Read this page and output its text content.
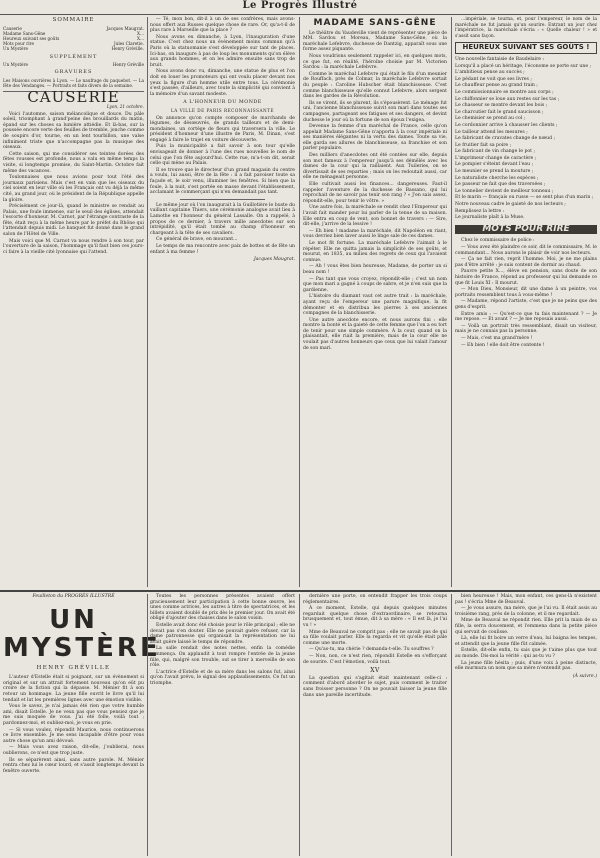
Le Progrès Illustré
SOMMAIRE
Causerie	Jacques Maugrat.
Madame Sans-Gêne	X...
Heureux suivant ses goûts	X...
Mots pour rire	Jules Claretie.
Un Mystère	Henry Gréville.
SUPPLÉMENT
Un Mystère	Henry Gréville
GRAVURES

Les Maisons ouvrières à Lyon. — Le naufrage du paquebot. — La fête des Vendanges. — Portraits et faits divers de la semaine.

CAUSERIE
Lyon, 21 octobre.

Voici l'automne, saison mélancolique et douce. Du pâle soleil, triomphant à grand'peine des brouillards du matin, épand sur les choses sa lumière attiédie. Et là-bas, sur la poussée encore verte des feuilles de tremble, jonche comme de soupirs d'or, tourne, en un lent tourbillon, une valse infiniment triste que n'accompagne pas la musique des oiseaux.

Cette saison, qui me considérer ses teintes dorées des fêtes rousses est profonde, nous a valu en même temps la visite, si longtemps promise, du Saint-Martin. Octobre fait même des vacances.

Toulonnaises que nous avions pour tout l'été des journaux parisiens. Mais c'est en vain que les oiseaux du ciel soient en leur ville où les Français ont vu déjà la même cité, au grand jour, où le président de la République appelle la gloire.

Précisément ce jour-là, quand le ministre se rendait au Palais, une foule immense, sur le seuil des églises, attendait l'escorte d'honneur. M. Carnot, par l'étrange contraste de la fête, était reçu à la même heure par le préfet du Rhône qui l'attendait depuis midi. Le banquet fut donné dans le grand salon de l'Hôtel de Ville.

Mais voici que M. Carnot va nous rendre à son tour, par l'ouverture de la saison, l'hommage qu'il faut bien ces jours-ci faire à la vieille cité lyonnaise qui l'attend.

— Té, mon bon, dit-il à un de ses confrères, mais avons-nous offert aux Russes quelque chose de rare. Or, qu'a-t-il de plus rare à Marseille que la place ?

Nous avons eu dimanche, à Lyon, l'inauguration d'une statue. C'est chez nous un événement moins commun qu'à Paris où la statuomanie s'est développée sur tant de places. Ici-bas, on inaugure à pas de loup les monuments qu'on élève aux grands hommes, et on les admire ensuite sans trop de bruit.

Nous avons donc vu, dimanche, une statue de plus et l'on doit en louer les promoteurs qui ont voulu placer devant nos yeux la figure d'un homme utile entre tous. La cérémonie s'est passée, d'ailleurs, avec toute la simplicité qui convient à la mémoire d'un savant modeste.

A L'HONNEUR DU MONDE
LA VILLE DE PARIS RECONNAISSANTE

On annonce qu'on compte composer de marchands de légumes, de désœuvrés, de grands tailleurs et de demi-mondaines, un cortège de fleurs qui traversera la ville. Le président d'honneur d'une illustre de Paris, M. Dinan, s'est engagé à faire le trajet en voiture découverte.

Puis la municipalité a fait savoir à son tour qu'elle envisageait de donner à l'une des rues nouvelles le nom de celui que l'on fête aujourd'hui. Cette rue, m'a-t-on dit, serait celle qui mène au Palais.

Il se trouve que le directeur d'un grand magasin du centre a voulu, lui aussi, être de la fête : il a fait pavoiser toute sa façade et, le soir venu, illuminer les fenêtres. Si bien que la foule, à la nuit, s'est portée en masse devant l'établissement, acclamant le commerçant qui n'en demandait pas tant.

Le même jour où l'on inaugurait à la Guillotière le buste du vaillant capitaine Thiers, une cérémonie analogue avait lieu à Lamothe en l'honneur du général Lassalle. On a rappelé, à propos de ce dernier, à travers mille anecdotes sur son intrépidité, qu'il était tombé au champ d'honneur en chargeant à la tête de ses cavaliers.

Ce général de brave, en mourant...

Le temps de ma rencontre avec paix de bottes et de fête un enfant à ma femme !

Jacques Maugrat.
MADAME SANS-GÊNE

Le théâtre du Vaudeville vient de représenter une pièce de MM. Sardou et Moreau, Madame Sans-Gêne, où la maréchale Lefebvre, duchesse de Dantzig, apparaît sous une forme assez piquante.

Nous voudrions seulement rappeler ici, en quelques mots, ce que fut, en réalité, l'héroïne choisie par M. Victorien Sardou : la maréchale Lefebvre.

Comme le maréchal Lefebvre qui était le fils d'un meunier de Rouffach, près de Colmar, la maréchale Lefebvre sortait du peuple : Caroline Hubscher était blanchisseuse. C'est comme blanchisseuse qu'elle connut Lefebvre, alors sergent dans les gardes de la Révolution.

Ils se virent, ils se plurent, ils s'épousèrent. Le ménage fut uni, l'ancienne blanchisseuse suivit son mari dans toutes ses campagnes, partageant ses fatigues et ses dangers, et devint duchesse le jour où la fortune de son époux l'exigea.

Devenue la femme d'un maréchal de France, celle qu'on appelait Madame Sans-Gêne n'apporta à la cour impériale ni ses manières élégantes ni la vertu des dames. Toute sa vie, elle garda ses allures de blanchisseuse, sa franchise et son parler populaire.

Des milliers d'anecdotes ont été contées sur elle, depuis son mot fameux à l'empereur jusqu'à ses démêlés avec les dames de la cour qui la raillaient. Aux Tuileries, on se divertissait de ses reparties ; mais on les redoutait aussi, car elle ne ménageait personne.

Elle cultivait aussi les finances... dangereuses. Faut-il rappeler l'aventure de la duchesse de Bassano, qui lui reprochait de ne savoir pas tenir son rang ? « J'en sais assez, répondit-elle, pour tenir le vôtre. »

Une autre fois, la maréchale se rendit chez l'Empereur qui l'avait fait mander pour lui parler de la tenue de sa maison. Elle entra en coup de vent, son bonnet de travers : — Sire, dit-elle, j'arrive de la lessive !

— Eh bien ! madame la maréchale, dit Napoléon en riant, vous devriez bien laver aussi le linge sale de ces dames.

Le mot fit fortune. La maréchale Lefebvre l'aimait à le répéter. Elle ne quitta jamais la simplicité de ses goûts, et mourut, en 1835, au milieu des regrets de ceux qui l'avaient connue.

— Ah ! vous êtes bien heureuse, Madame, de porter un si beau nom !

— Pas tant que vous croyez, répondit-elle ; c'est un nom que mon mari a gagné à coups de sabre, et je n'en suis que la gardienne.

L'histoire du diamant vaut cet autre trait : la maréchale, ayant reçu de l'empereur une parure magnifique, la fit démonter et en distribua les pierres à ses anciennes compagnes de la blanchisserie.

Une autre anecdote encore, et nous aurons fini : elle montre la bonté et la gaieté de cette femme que l'on a eu tort de tenir pour une simple commère. À la cour, quand on la plaisantait, elle riait la première, mais de la cour elle ne voulait pas d'autres honneurs que ceux que lui valait l'amour de son mari.

…impériale, se tourna, et, pour l'empereur, le nom de la maréchale ne fut jamais qu'un sourire. Entrant un jour chez l'impératrice, la maréchale s'écria : « Quelle chaleur ! » et s'assit sans façon.

HEUREUX SUIVANT SES GOÛTS !

Une nouvelle fantaisie de Baudelaire :

Lorsqu'il a placé un héritage, l'économe se porte sur une ;

L'ambitieux pense au succès ;

Le pédant ne voit que ses livres ;

Le chauffeur pense au grand train ;

Le commissionnaire se montre aux corps ;

Le chiffonnier se loue aux restes sur les tas ;

Le chasseur se montre devant les bois ;

Le charcutier fait le grand saucisson ;

Le chemisier se prend au col ;

Le cordonnier arrive à chausser les clients ;

Le tailleur attend les mesures ;

Le fabricant de cravates change de nœud ;

Le fruitier fait sa poire ;

Le fabricant de vin change le pot ;

L'imprimeur change de caractère ;

Le pompier s'éteint devant l'eau ;

Le meunier se prend la mouture ;

Le naturaliste cherche les espèces ;

Le passeur ne fait que des traversées ;

Le tonnelier devient de meilleur tonneau ;

Et le marin — français ou russe — se sent plus d'un marin ;

Notre nouveau cadre le gaieté de nos lecteurs ;

Remplissez la lettre :

Le journaliste plaît à la Muse.

MOTS POUR RIRE

Chez le commissaire de police :

— Vous avez été plaindre ce soir, dit le commissaire, M. le commandant... Nous aurons le plaisir de voir nos lecteurs.

— Ça ne fait rien, reprit l'homme. Moi, je ne me plains pas d'être arrêté : je suis content de dormir au chaud.

Pauvre petite X..., élève en pension, sans doute de son histoire de France, répond au professeur qui lui demande ce que fit Louis XI : Il mourut.

— Mon Dieu, Monsieur, dit une dame à un peintre, vos portraits ressemblent tous à vous-même !

— Madame, répond l'artiste, c'est que je ne peins que des gens d'esprit.

Entre amis : — Qu'est-ce que tu fais maintenant ? — Je me repose. — Et avant ? — Je me reposais aussi.

— Voilà un portrait très ressemblant, disait un visiteur, mais je ne connais pas la personne.

— Mais, c'est ma grand'mère !

— Eh bien ! elle doit être contente !

Feuilleton du PROGRÈS ILLUSTRÉ
UN MYSTÈRE
HENRY GRÉVILLE

L'auteur d'Estelle était si poignant, sur un évènement si original et sur un attrait fortement nouveau qu'on eût pu croire de la fiction qui la dépasse. M. Ménier fit à son retour un hommage. La jeune fille ouvrit le livre qu'il lui tendait et lut les premières lignes avec une émotion visible.

Vous le savez, je n'ai jamais été rien que votre humble ami, disait Estelle. Je ne veux pas que vous pensiez que je me suis moquée de vous. J'ai été folle, voilà tout ; pardonnez-moi, et oubliez-moi, je vous en prie.

— Si vous voulez, répondit Maurice, nous continuerons ce livre ensemble. Je me sens incapable d'être pour vous autre chose qu'un ami dévoué.

— Mais vous avez raison, dit-elle, j'oublierai, nous oublierons, ce n'est que trop juste.

Ils se séparèrent ainsi, sans autre parole. M. Ménier rentra chez lui le cœur lourd, et s'assit longtemps devant la fenêtre ouverte.

Toutes les personnes présentes avaient offert gracieusement leur participation à cette bonne œuvre, les unes comme actrices, les autres à titre de spectatrices, et les billets avaient doublé de prix dès le premier jour. On avait été obligé d'ajouter des chaises dans le salon voisin.

Estelle avait donc été choisie pour le rôle principal ; elle ne devait pas s'en douter. Elle ne pouvait guère refuser, car la dame patronnesse qui organisait la représentation ne lui avait guère laissé le temps de répondre.

La salle rendait des notes nettes, enfin la comédie commença. On applaudit à tout rompre l'entrée de la jeune fille, qui, malgré son trouble, sut se tirer à merveille de son rôle.

L'actrice d'Estelle et de sa mère dans les salons fut, ainsi qu'on l'avait prévu, le signal des applaudissements. Ce fut un triomphe.

dernière une porte, on entendit frapper les trois coups réglementaires.

À ce moment, Estelle, qui depuis quelques minutes regardait quelque chose d'extraordinaire, se retourna brusquement et, tout émue, dit à sa mère : « Il est là, je l'ai vu ! »

Mme de Beauval ne comprit pas ; elle ne savait pas de qui sa fille voulait parler. Elle la regarda et vit qu'elle était pâle comme une morte.

— Qu'as-tu, ma chérie ? demanda-t-elle. Tu souffres ?

— Non, non, ce n'est rien, répondit Estelle en s'efforçant de sourire. C'est l'émotion, voilà tout.

XV

La question qui s'agitait était maintenant celle-ci : comment d'abord aborder le sujet, puis comment le traiter sans froisser personne ? On ne pouvait laisser la jeune fille dans une pareille incertitude.

bien heureuse ! Mais, mon enfant, ces gens-là n'existent pas ! s'écria Mme de Beauval.

— Je vous assure, ma mère, que je l'ai vu. Il était assis au troisième rang, près de la colonne, et il me regardait.

Mme de Beauval ne répondit rien. Elle prit la main de sa fille, la serra doucement, et l'emmena dans la petite pièce qui servait de coulisse.

Là, elle lui fit boire un verre d'eau, lui baigna les tempes, et attendit que la jeune fille fût calmée.

Estelle, dit-elle enfin, tu sais que je t'aime plus que tout au monde. Dis-moi la vérité : qui as-tu vu ?

La jeune fille hésita ; puis, d'une voix à peine distincte, elle murmura un nom que sa mère n'entendit pas.

(À suivre.)
